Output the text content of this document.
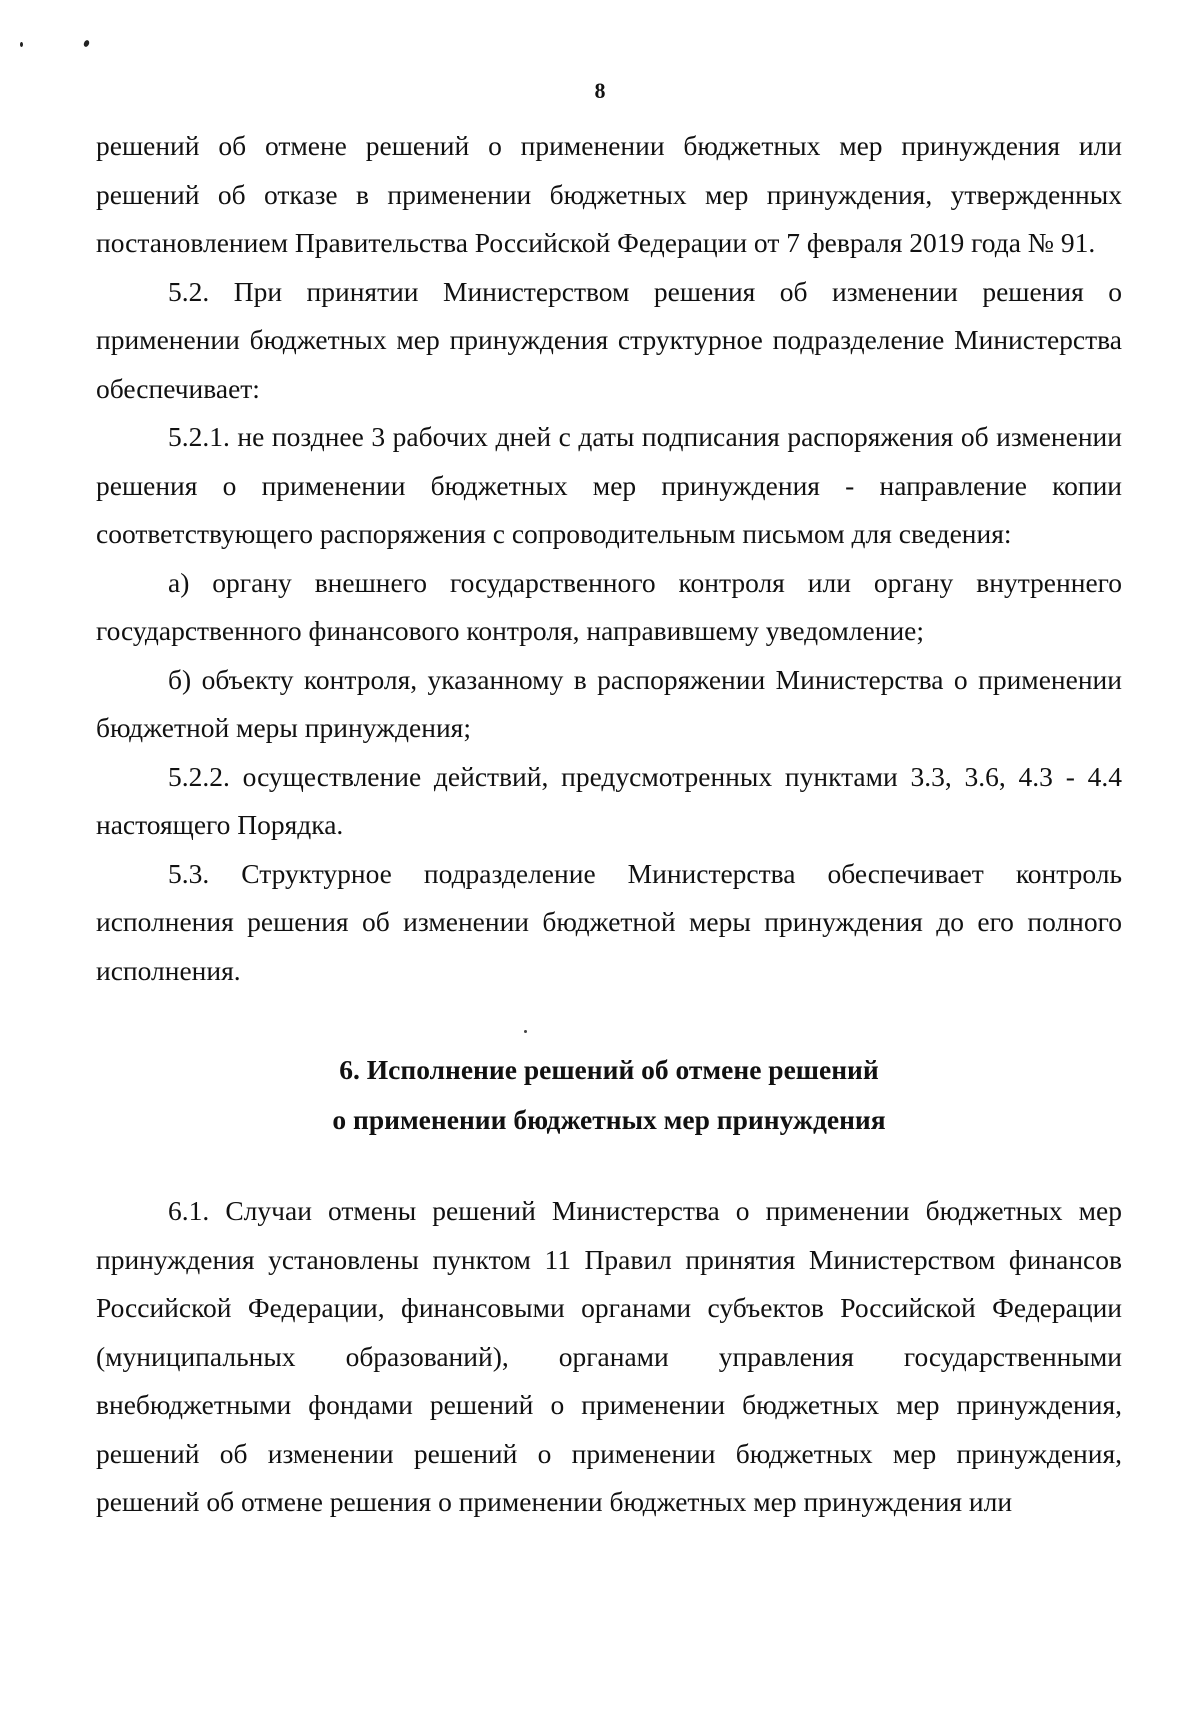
8

решений об отмене решений о применении бюджетных мер принуждения или решений об отказе в применении бюджетных мер принуждения, утвержденных постановлением Правительства Российской Федерации от 7 февраля 2019 года № 91.

5.2. При принятии Министерством решения об изменении решения о применении бюджетных мер принуждения структурное подразделение Министерства обеспечивает:

5.2.1. не позднее 3 рабочих дней с даты подписания распоряжения об изменении решения о применении бюджетных мер принуждения - направление копии соответствующего распоряжения с сопроводительным письмом для сведения:

а) органу внешнего государственного контроля или органу внутреннего государственного финансового контроля, направившему уведомление;

б) объекту контроля, указанному в распоряжении Министерства о применении бюджетной меры принуждения;

5.2.2. осуществление действий, предусмотренных пунктами 3.3, 3.6, 4.3 - 4.4 настоящего Порядка.

5.3. Структурное подразделение Министерства обеспечивает контроль исполнения решения об изменении бюджетной меры принуждения до его полного исполнения.

6. Исполнение решений об отмене решений

о применении бюджетных мер принуждения

6.1. Случаи отмены решений Министерства о применении бюджетных мер принуждения установлены пунктом 11 Правил принятия Министерством финансов Российской Федерации, финансовыми органами субъектов Российской Федерации (муниципальных образований), органами управления государственными внебюджетными фондами решений о применении бюджетных мер принуждения, решений об изменении решений о применении бюджетных мер принуждения, решений об отмене решения о применении бюджетных мер принуждения или
